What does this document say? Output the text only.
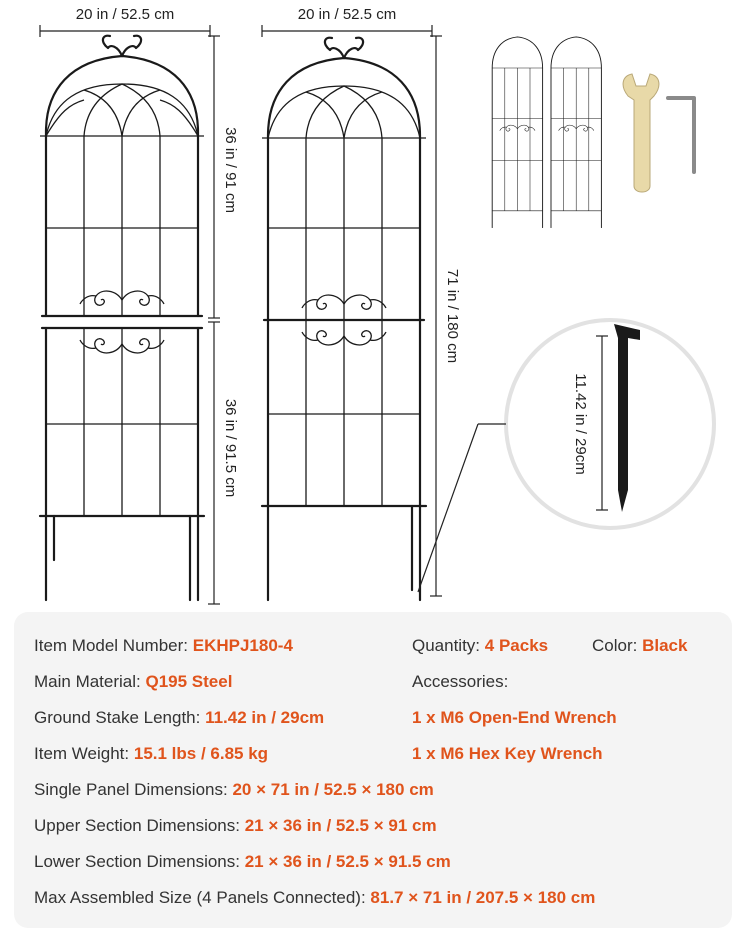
20 in / 52.5 cm	20 in / 52.5 cm
36 in / 91 cm
36 in / 91.5 cm
71 in / 180 cm
11.42 in / 29cm
Item Model Number: EKHPJ180-4	Quantity: 4 Packs	Color: Black
Main Material: Q195 Steel	Accessories:
Ground Stake Length: 11.42 in / 29cm	1 x M6 Open-End Wrench
Item Weight: 15.1 lbs / 6.85 kg	1 x M6 Hex Key Wrench
Single Panel Dimensions: 20 × 71 in / 52.5 × 180 cm
Upper Section Dimensions: 21 × 36 in / 52.5 × 91 cm
Lower Section Dimensions: 21 × 36 in / 52.5 × 91.5 cm
Max Assembled Size (4 Panels Connected): 81.7 × 71 in / 207.5 × 180 cm
